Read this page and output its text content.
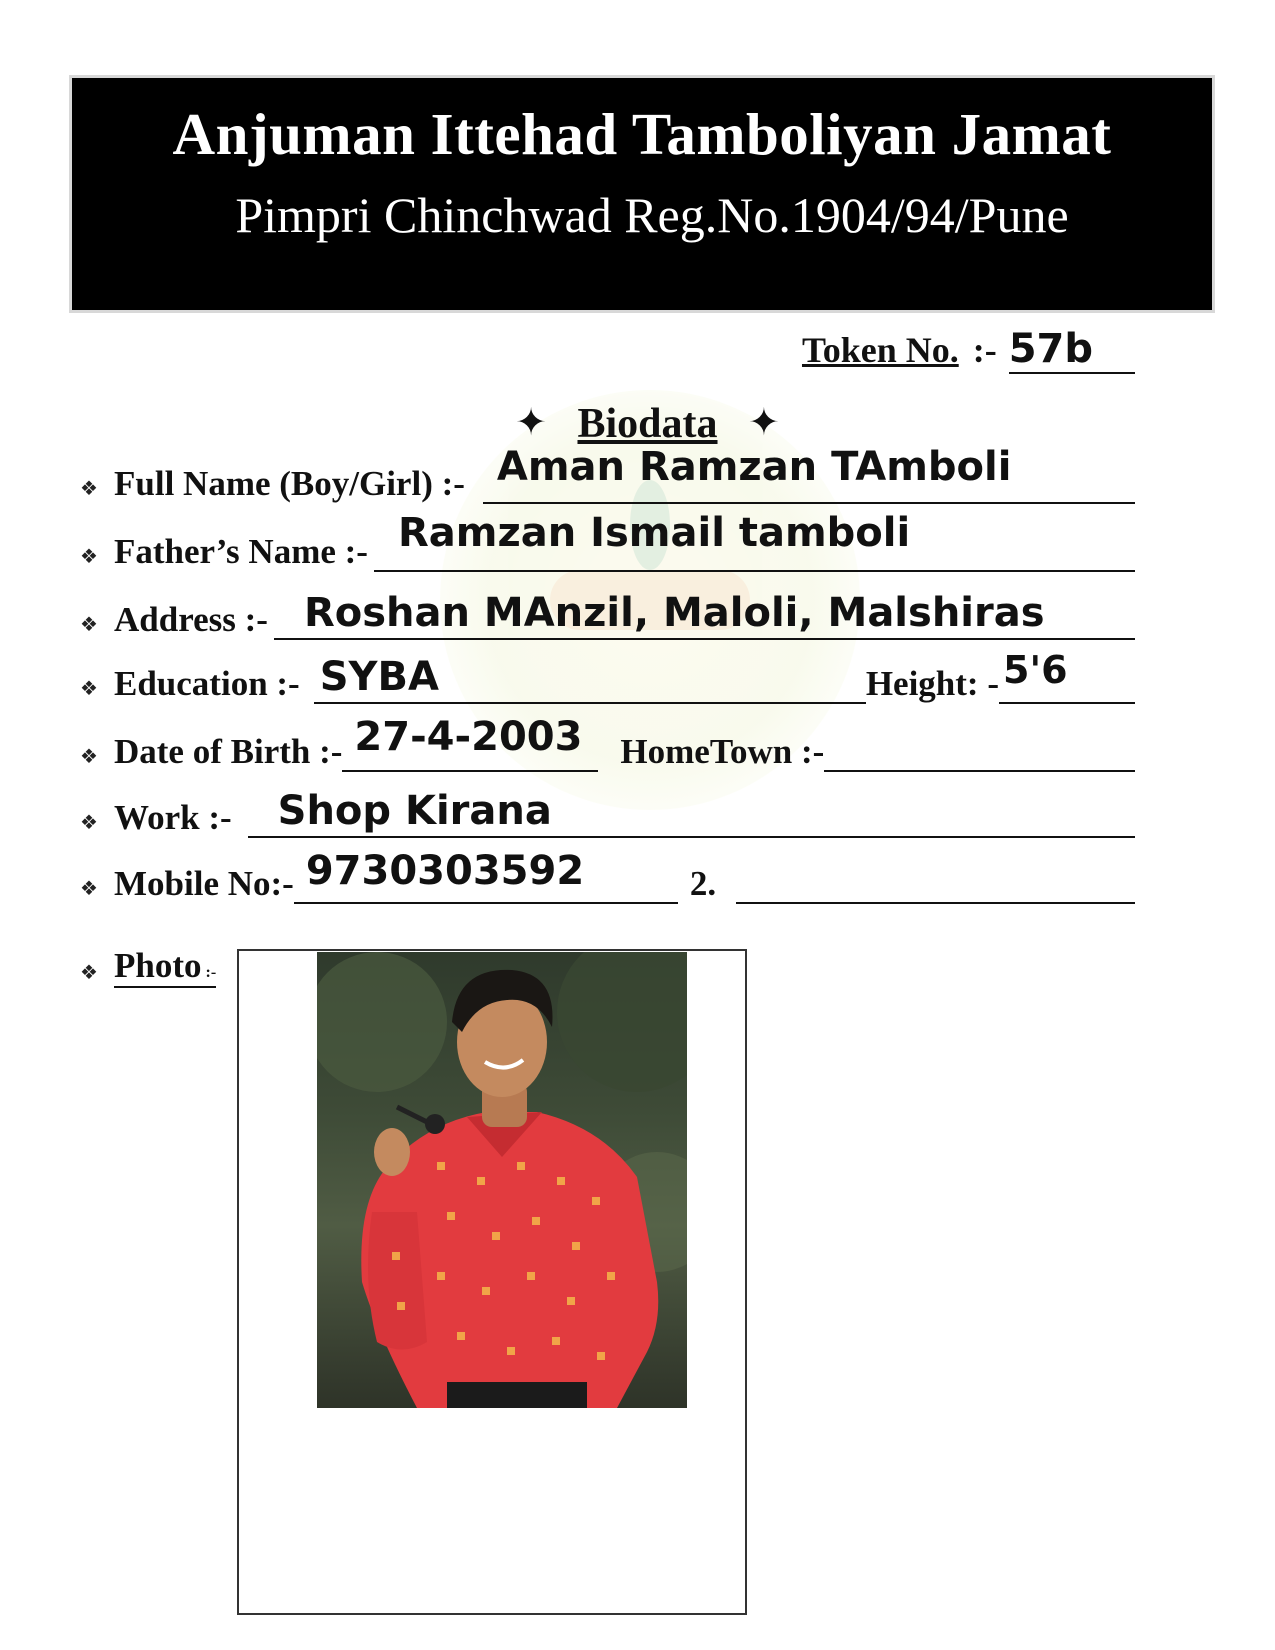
Anjuman Ittehad Tamboliyan Jamat
Pimpri Chinchwad Reg.No.1904/94/Pune
Token No. :- 57b
✦ Biodata ✦
❖ Full Name (Boy/Girl) :- Aman Ramzan TAmboli
❖ Father’s Name :- Ramzan Ismail tamboli
❖ Address :- Roshan MAnzil, Maloli, Malshiras
❖ Education :- SYBA	Height: - 5'6
❖ Date of Birth :- 27-4-2003 HomeTown :-
❖ Work :- Shop Kirana
❖ Mobile No:- 9730303592	2.
❖ Photo :-
